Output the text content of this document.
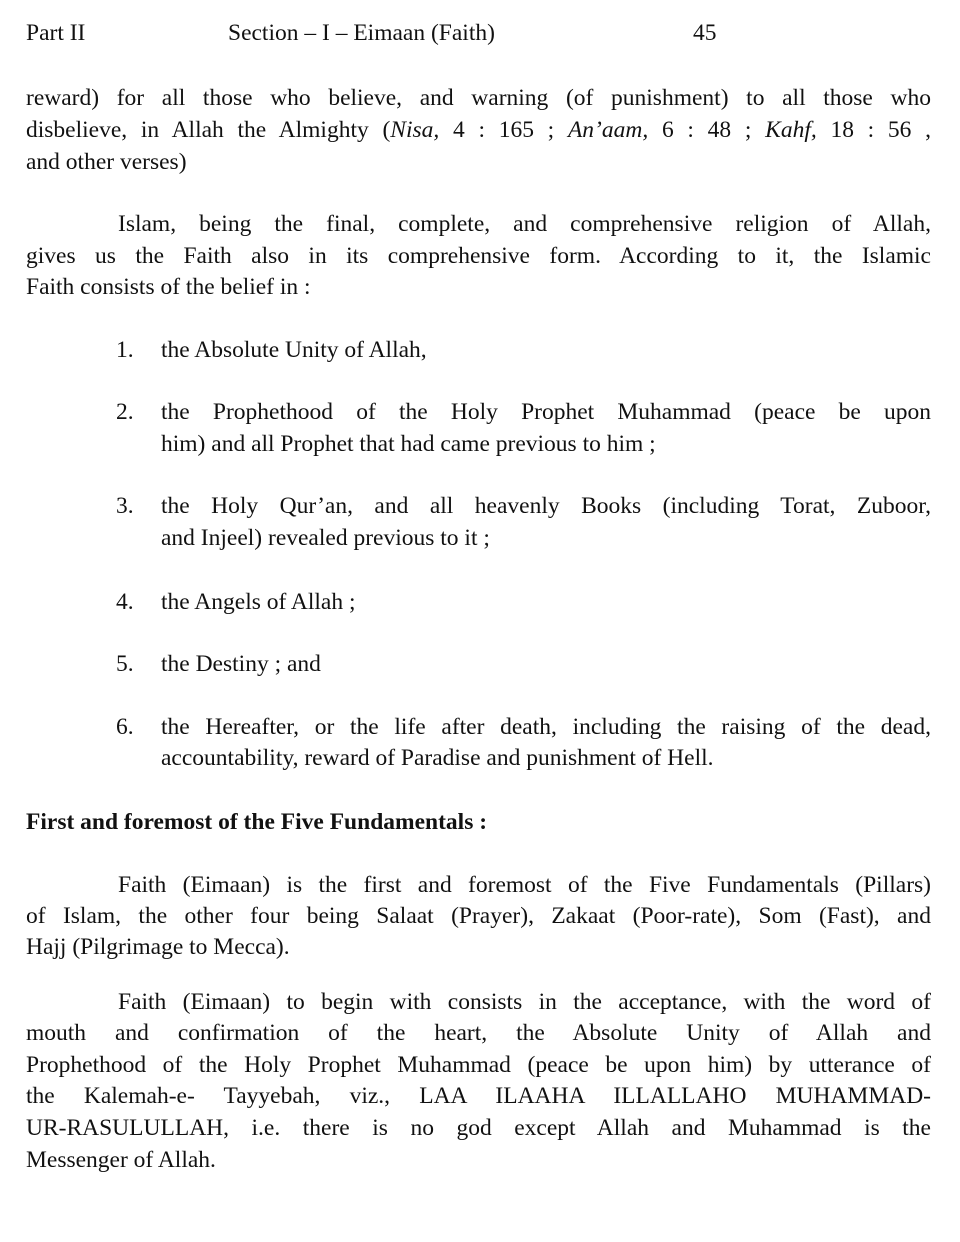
Part II	Section – I – Eimaan (Faith)	45
reward) for all those who believe, and warning (of punishment) to all those who
disbelieve, in Allah the Almighty (Nisa, 4 : 165 ; An’aam, 6 : 48 ; Kahf, 18 : 56 ,
and other verses)
Islam, being the final, complete, and comprehensive religion of Allah,
gives us the Faith also in its comprehensive form. According to it, the Islamic
Faith consists of the belief in :
1. the Absolute Unity of Allah,
2. the Prophethood of the Holy Prophet Muhammad (peace be upon
him) and all Prophet that had came previous to him ;
3. the Holy Qur’an, and all heavenly Books (including Torat, Zuboor,
and Injeel) revealed previous to it ;
4. the Angels of Allah ;
5. the Destiny ; and
6. the Hereafter, or the life after death, including the raising of the dead,
accountability, reward of Paradise and punishment of Hell.
First and foremost of the Five Fundamentals :
Faith (Eimaan) is the first and foremost of the Five Fundamentals (Pillars)
of Islam, the other four being Salaat (Prayer), Zakaat (Poor-rate), Som (Fast), and
Hajj (Pilgrimage to Mecca).
Faith (Eimaan) to begin with consists in the acceptance, with the word of
mouth and confirmation of the heart, the Absolute Unity of Allah and
Prophethood of the Holy Prophet Muhammad (peace be upon him) by utterance of
the Kalemah-e- Tayyebah, viz., LAA ILAAHA ILLALLAHO MUHAMMAD-
UR-RASULULLAH, i.e. there is no god except Allah and Muhammad is the
Messenger of Allah.
